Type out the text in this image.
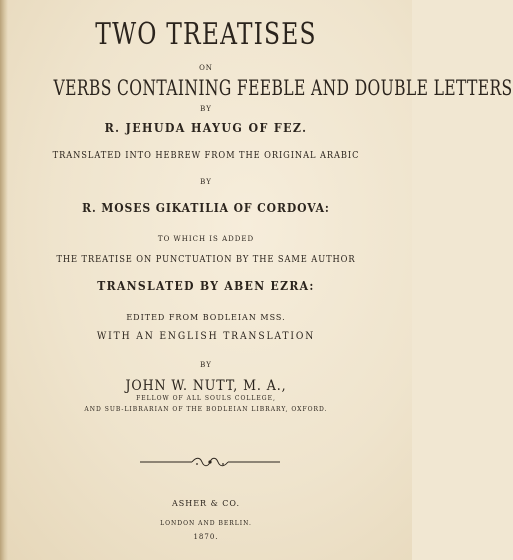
TWO TREATISES
ON
VERBS CONTAINING FEEBLE AND DOUBLE LETTERS
BY
R. JEHUDA HAYUG OF FEZ.
TRANSLATED INTO HEBREW FROM THE ORIGINAL ARABIC
BY
R. MOSES GIKATILIA OF CORDOVA:
TO WHICH IS ADDED
THE TREATISE ON PUNCTUATION BY THE SAME AUTHOR
TRANSLATED BY ABEN EZRA:
EDITED FROM BODLEIAN MSS.
WITH AN ENGLISH TRANSLATION
BY
JOHN W. NUTT, M. A.,
FELLOW OF ALL SOULS COLLEGE,
AND SUB-LIBRARIAN OF THE BODLEIAN LIBRARY, OXFORD.
ASHER & CO.
LONDON AND BERLIN.
1870.
